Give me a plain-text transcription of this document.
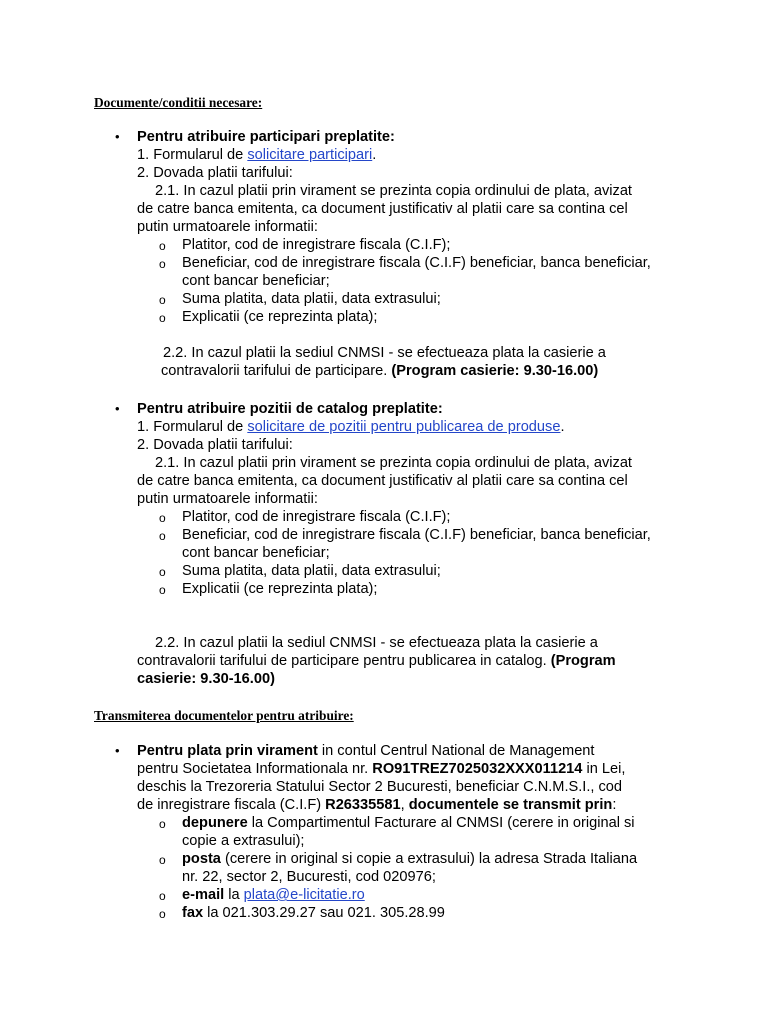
Documente/conditii necesare:
• Pentru atribuire participari preplatite:
1. Formularul de solicitare participari.
2. Dovada platii tarifului:
2.1. In cazul platii prin virament se prezinta copia ordinului de plata, avizat
de catre banca emitenta, ca document justificativ al platii care sa contina cel
putin urmatoarele informatii:
o Platitor, cod de inregistrare fiscala (C.I.F);
o Beneficiar, cod de inregistrare fiscala (C.I.F) beneficiar, banca beneficiar, cont bancar beneficiar;
o Suma platita, data platii, data extrasului;
o Explicatii (ce reprezinta plata);
2.2. In cazul platii la sediul CNMSI - se efectueaza plata la casierie a
contravalorii tarifului de participare. (Program casierie: 9.30-16.00)
• Pentru atribuire pozitii de catalog preplatite:
1. Formularul de solicitare de pozitii pentru publicarea de produse.
2. Dovada platii tarifului:
2.1. In cazul platii prin virament se prezinta copia ordinului de plata, avizat
de catre banca emitenta, ca document justificativ al platii care sa contina cel
putin urmatoarele informatii:
o Platitor, cod de inregistrare fiscala (C.I.F);
o Beneficiar, cod de inregistrare fiscala (C.I.F) beneficiar, banca beneficiar, cont bancar beneficiar;
o Suma platita, data platii, data extrasului;
o Explicatii (ce reprezinta plata);
2.2. In cazul platii la sediul CNMSI - se efectueaza plata la casierie a
contravalorii tarifului de participare pentru publicarea in catalog. (Program
casierie: 9.30-16.00)
Transmiterea documentelor pentru atribuire:
• Pentru plata prin virament in contul Centrul National de Management
pentru Societatea Informationala nr. RO91TREZ7025032XXX011214 in Lei,
deschis la Trezoreria Statului Sector 2 Bucuresti, beneficiar C.N.M.S.I., cod
de inregistrare fiscala (C.I.F) R26335581, documentele se transmit prin:
o depunere la Compartimentul Facturare al CNMSI (cerere in original si copie a extrasului);
o posta (cerere in original si copie a extrasului) la adresa Strada Italiana nr. 22, sector 2, Bucuresti, cod 020976;
o e-mail la plata@e-licitatie.ro
o fax la 021.303.29.27 sau 021. 305.28.99
